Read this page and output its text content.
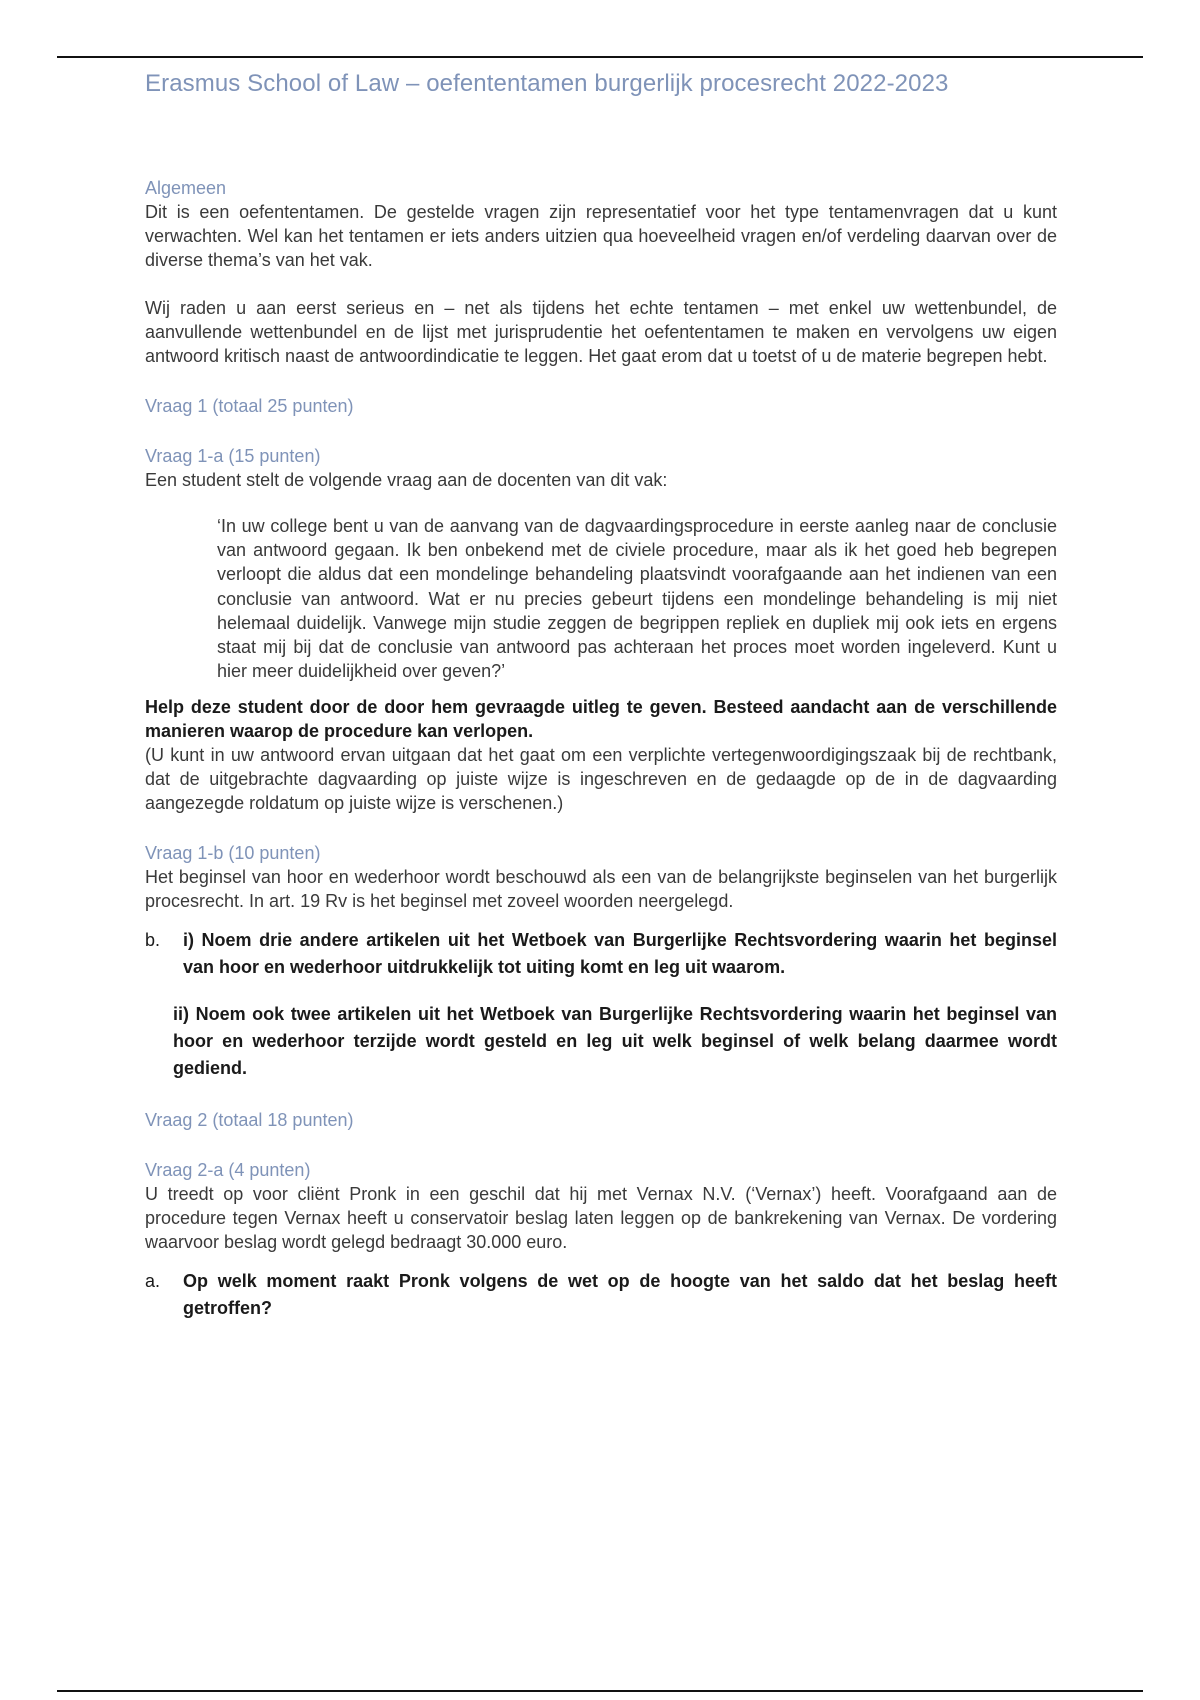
Erasmus School of Law – oefententamen burgerlijk procesrecht 2022-2023
Algemeen

Dit is een oefententamen. De gestelde vragen zijn representatief voor het type tentamenvragen dat u kunt verwachten. Wel kan het tentamen er iets anders uitzien qua hoeveelheid vragen en/of verdeling daarvan over de diverse thema’s van het vak.

Wij raden u aan eerst serieus en – net als tijdens het echte tentamen – met enkel uw wettenbundel, de aanvullende wettenbundel en de lijst met jurisprudentie het oefententamen te maken en vervolgens uw eigen antwoord kritisch naast de antwoordindicatie te leggen. Het gaat erom dat u toetst of u de materie begrepen hebt.

Vraag 1 (totaal 25 punten)
Vraag 1-a (15 punten)

Een student stelt de volgende vraag aan de docenten van dit vak:

‘In uw college bent u van de aanvang van de dagvaardingsprocedure in eerste aanleg naar de conclusie van antwoord gegaan. Ik ben onbekend met de civiele procedure, maar als ik het goed heb begrepen verloopt die aldus dat een mondelinge behandeling plaatsvindt voorafgaande aan het indienen van een conclusie van antwoord. Wat er nu precies gebeurt tijdens een mondelinge behandeling is mij niet helemaal duidelijk. Vanwege mijn studie zeggen de begrippen repliek en dupliek mij ook iets en ergens staat mij bij dat de conclusie van antwoord pas achteraan het proces moet worden ingeleverd. Kunt u hier meer duidelijkheid over geven?’

Help deze student door de door hem gevraagde uitleg te geven. Besteed aandacht aan de verschillende manieren waarop de procedure kan verlopen.

(U kunt in uw antwoord ervan uitgaan dat het gaat om een verplichte vertegenwoordigingszaak bij de rechtbank, dat de uitgebrachte dagvaarding op juiste wijze is ingeschreven en de gedaagde op de in de dagvaarding aangezegde roldatum op juiste wijze is verschenen.)

Vraag 1-b (10 punten)

Het beginsel van hoor en wederhoor wordt beschouwd als een van de belangrijkste beginselen van het burgerlijk procesrecht. In art. 19 Rv is het beginsel met zoveel woorden neergelegd.

b.	i) Noem drie andere artikelen uit het Wetboek van Burgerlijke Rechtsvordering waarin het beginsel van hoor en wederhoor uitdrukkelijk tot uiting komt en leg uit waarom.
ii) Noem ook twee artikelen uit het Wetboek van Burgerlijke Rechtsvordering waarin het beginsel van hoor en wederhoor terzijde wordt gesteld en leg uit welk beginsel of welk belang daarmee wordt gediend.
Vraag 2 (totaal 18 punten)
Vraag 2-a (4 punten)

U treedt op voor cliënt Pronk in een geschil dat hij met Vernax N.V. (‘Vernax’) heeft. Voorafgaand aan de procedure tegen Vernax heeft u conservatoir beslag laten leggen op de bankrekening van Vernax. De vordering waarvoor beslag wordt gelegd bedraagt 30.000 euro.

a.	Op welk moment raakt Pronk volgens de wet op de hoogte van het saldo dat het beslag heeft getroffen?
